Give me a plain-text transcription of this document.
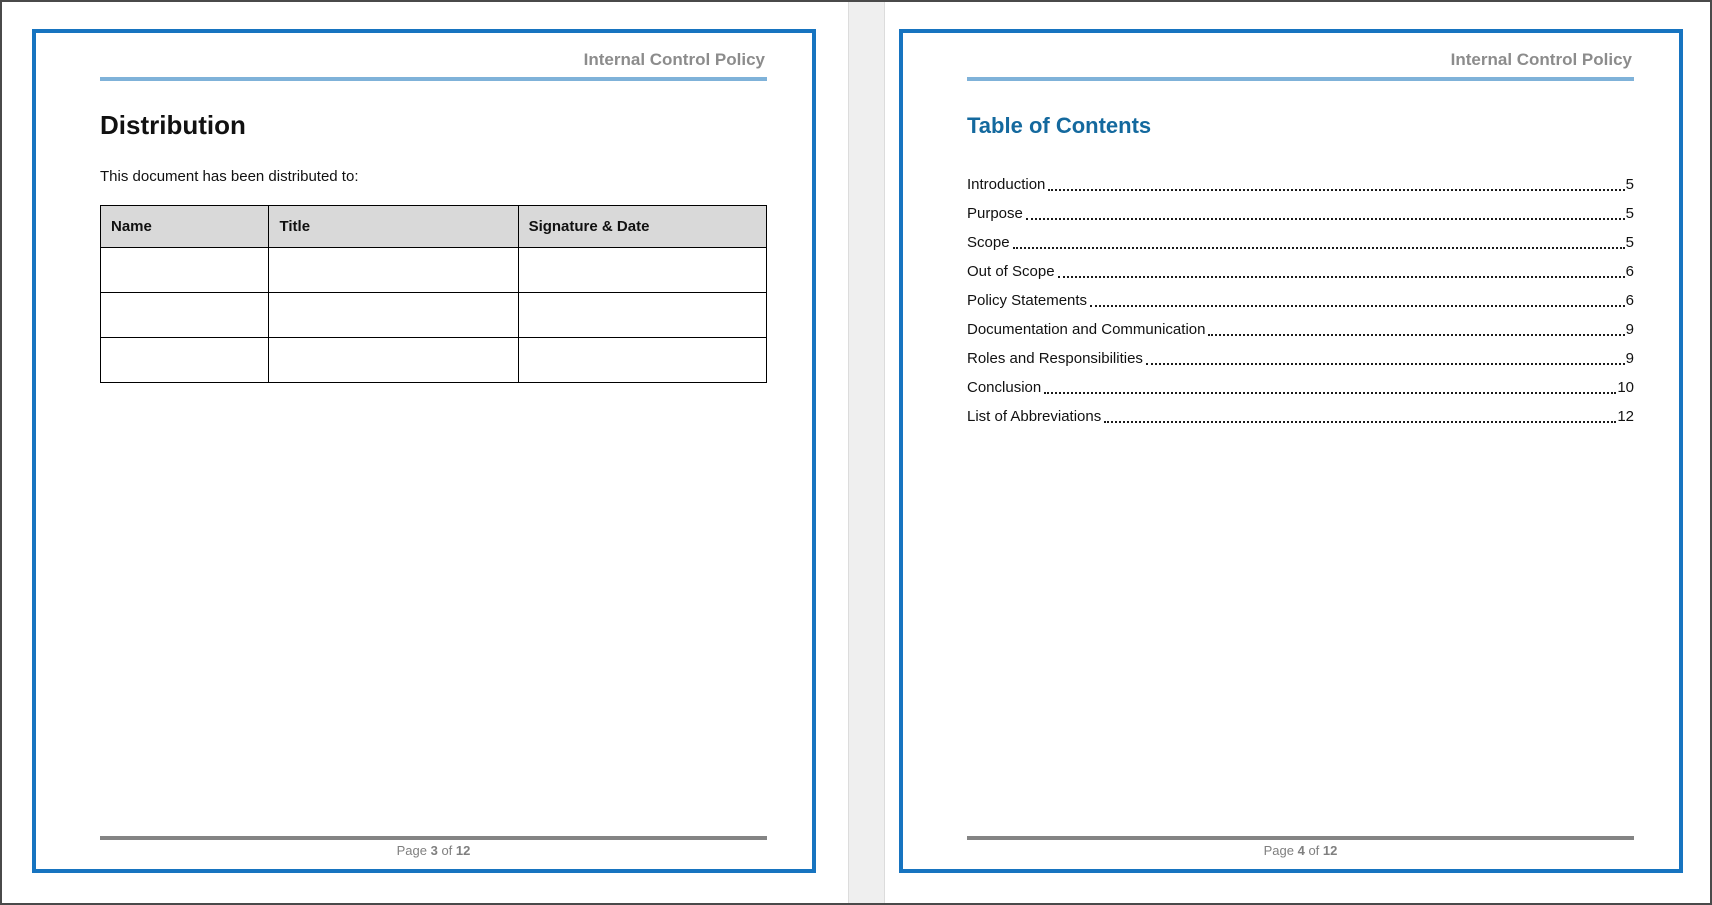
Internal Control Policy
Distribution
This document has been distributed to:
Name	Title	Signature & Date

Page 3 of 12
Internal Control Policy
Table of Contents
Introduction	5
Purpose	5
Scope	5
Out of Scope	6
Policy Statements	6
Documentation and Communication	9
Roles and Responsibilities	9
Conclusion	10
List of Abbreviations	12
Page 4 of 12
